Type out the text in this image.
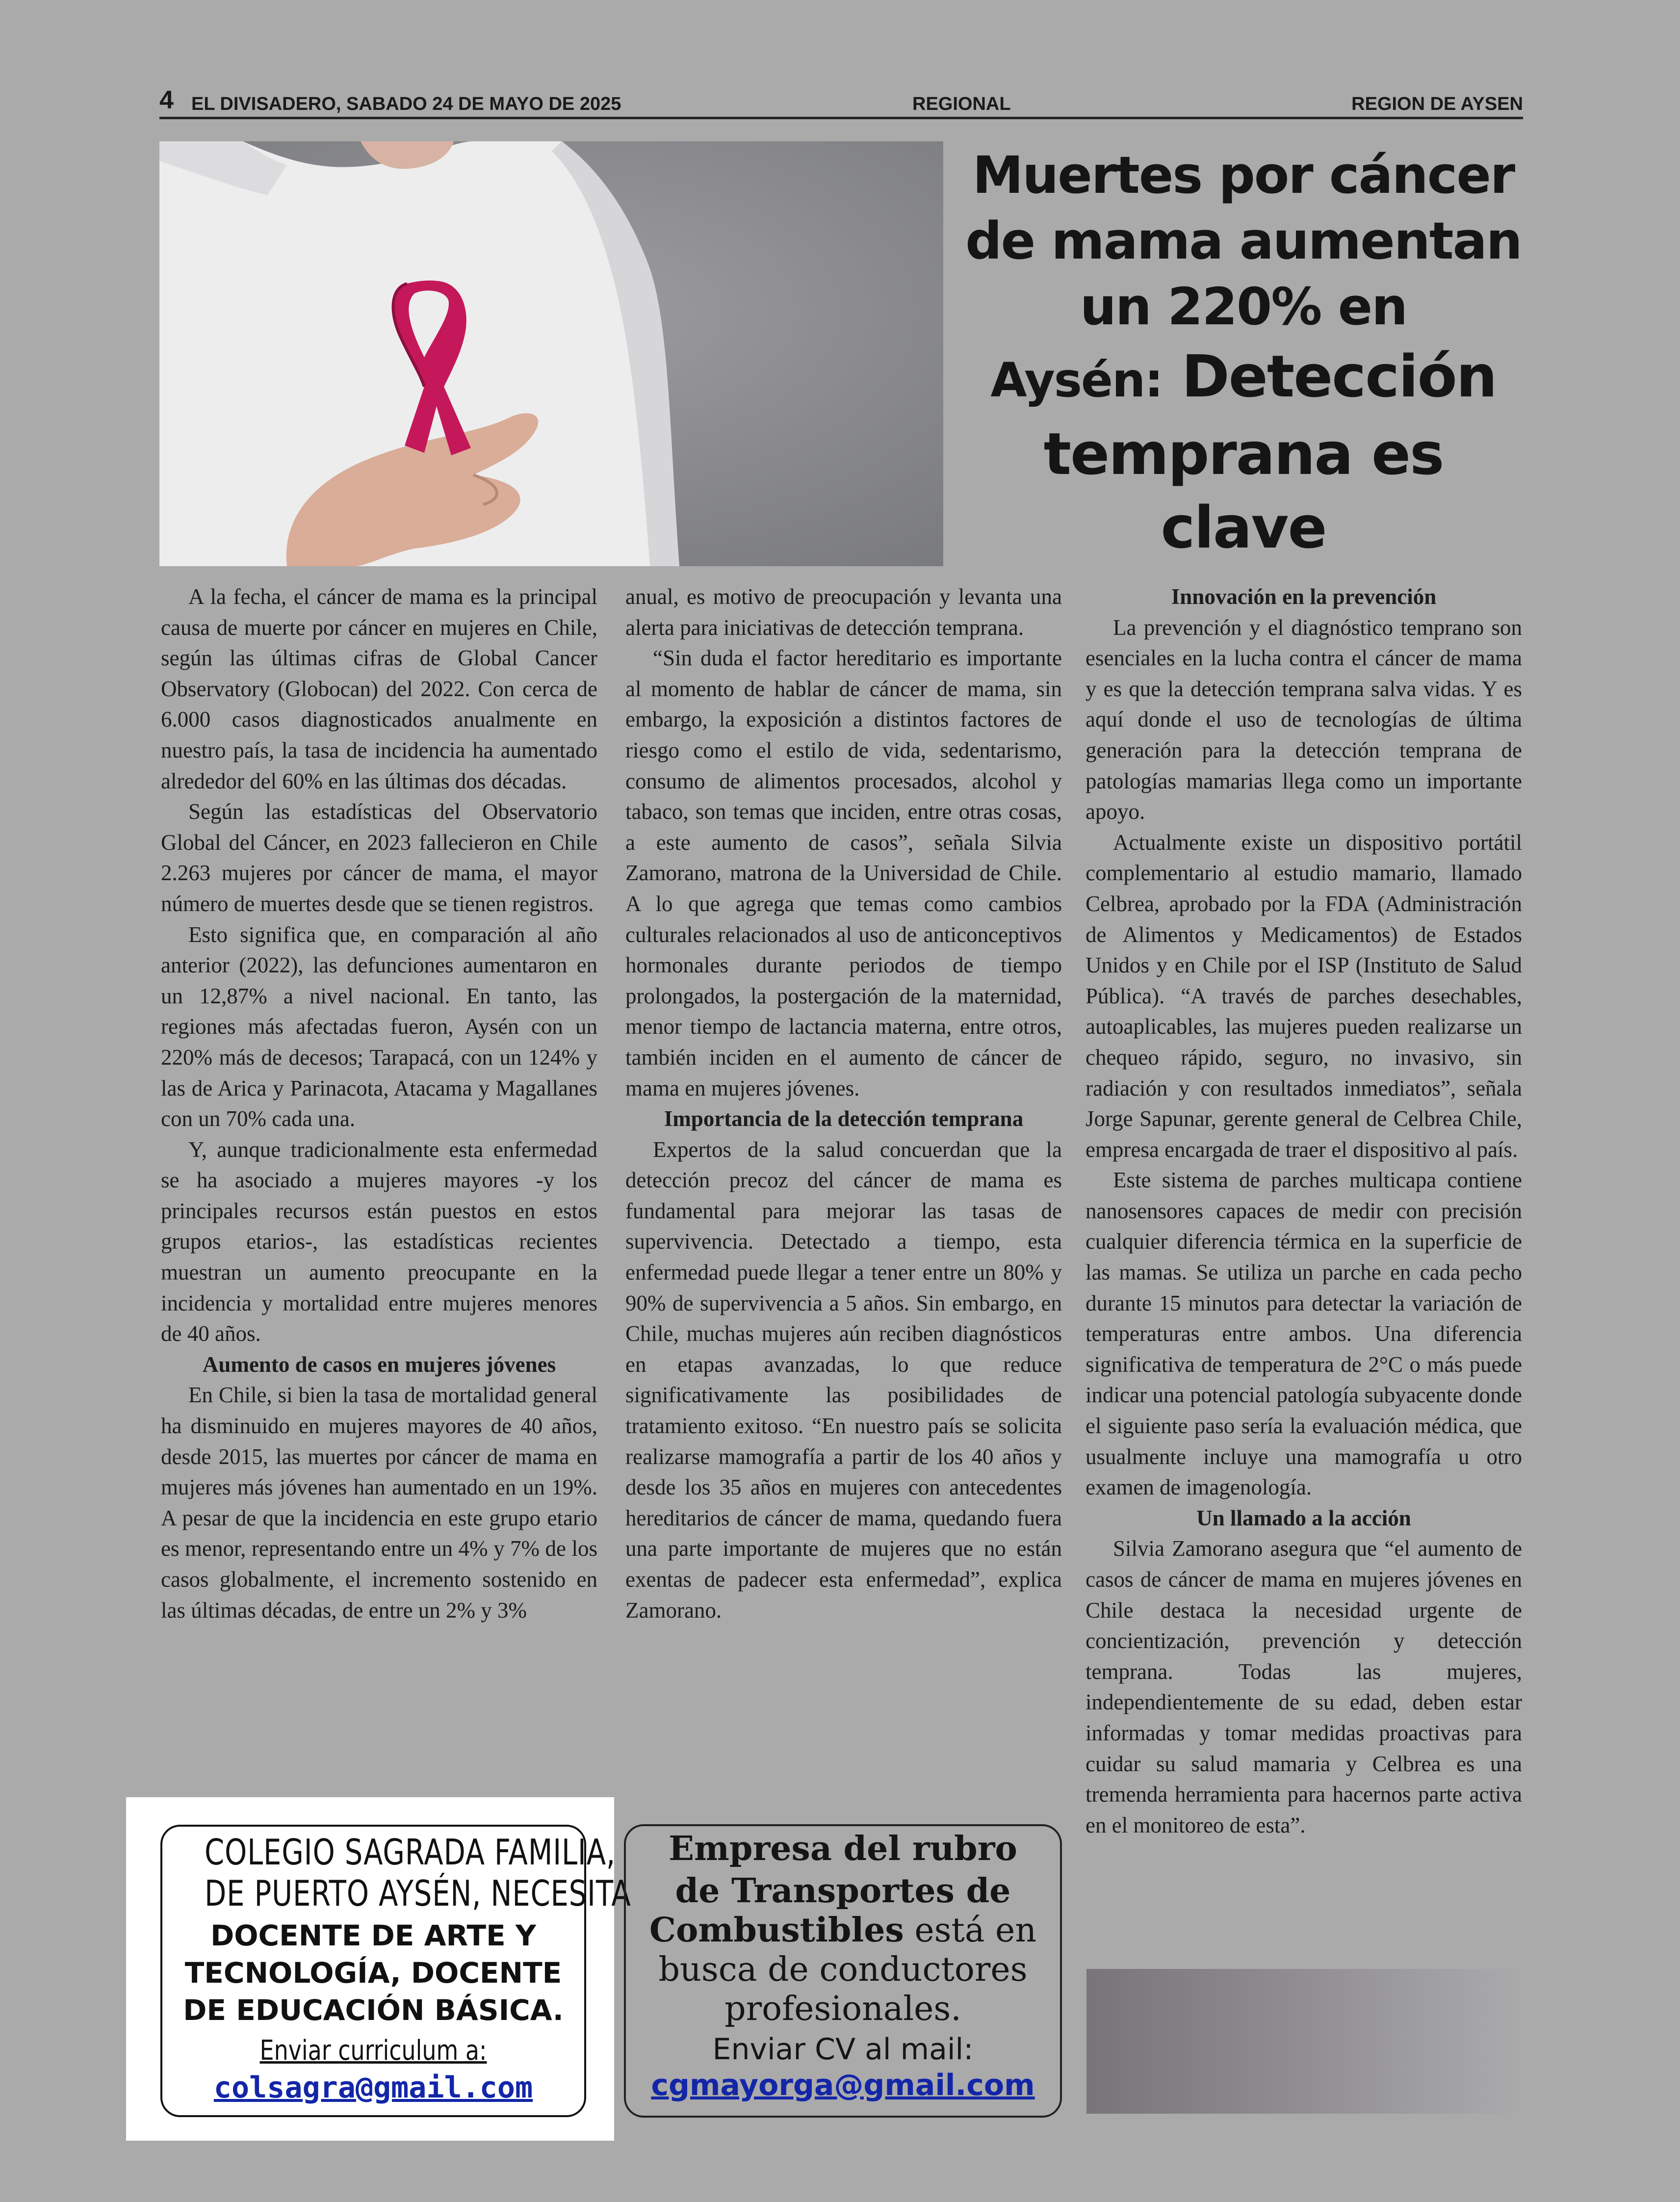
4 EL DIVISADERO, SABADO 24 DE MAYO DE 2025	REGIONAL	REGION DE AYSEN
Muertes por cáncer
de mama aumentan
un 220% en
Aysén: Detección
temprana es clave

A la fecha, el cáncer de mama es la principal causa de muerte por cáncer en mujeres en Chile, según las últimas cifras de Global Cancer Observatory (Globocan) del 2022. Con cerca de 6.000 casos diagnosticados anualmente en nuestro país, la tasa de incidencia ha aumentado alrededor del 60% en las últimas dos décadas.

Según las estadísticas del Observatorio Global del Cáncer, en 2023 fallecieron en Chile 2.263 mujeres por cáncer de mama, el mayor número de muertes desde que se tienen registros.

Esto significa que, en comparación al año anterior (2022), las defunciones aumentaron en un 12,87% a nivel nacional. En tanto, las regiones más afectadas fueron, Aysén con un 220% más de decesos; Tarapacá, con un 124% y las de Arica y Parinacota, Atacama y Magallanes con un 70% cada una.

Y, aunque tradicionalmente esta enfermedad se ha asociado a mujeres mayores -y los principales recursos están puestos en estos grupos etarios-, las estadísticas recientes muestran un aumento preocupante en la incidencia y mortalidad entre mujeres menores de 40 años.

Aumento de casos en mujeres jóvenes

En Chile, si bien la tasa de mortalidad general ha disminuido en mujeres mayores de 40 años, desde 2015, las muertes por cáncer de mama en mujeres más jóvenes han aumentado en un 19%. A pesar de que la incidencia en este grupo etario es menor, representando entre un 4% y 7% de los casos globalmente, el incremento sostenido en las últimas décadas, de entre un 2% y 3%

anual, es motivo de preocupación y levanta una alerta para iniciativas de detección temprana.

“Sin duda el factor hereditario es importante al momento de hablar de cáncer de mama, sin embargo, la exposición a distintos factores de riesgo como el estilo de vida, sedentarismo, consumo de alimentos procesados, alcohol y tabaco, son temas que inciden, entre otras cosas, a este aumento de casos”, señala Silvia Zamorano, matrona de la Universidad de Chile. A lo que agrega que temas como cambios culturales relacionados al uso de anticonceptivos hormonales durante periodos de tiempo prolongados, la postergación de la maternidad, menor tiempo de lactancia materna, entre otros, también inciden en el aumento de cáncer de mama en mujeres jóvenes.

Importancia de la detección temprana

Expertos de la salud concuerdan que la detección precoz del cáncer de mama es fundamental para mejorar las tasas de supervivencia. Detectado a tiempo, esta enfermedad puede llegar a tener entre un 80% y 90% de supervivencia a 5 años. Sin embargo, en Chile, muchas mujeres aún reciben diagnósticos en etapas avanzadas, lo que reduce significativamente las posibilidades de tratamiento exitoso. “En nuestro país se solicita realizarse mamografía a partir de los 40 años y desde los 35 años en mujeres con antecedentes hereditarios de cáncer de mama, quedando fuera una parte importante de mujeres que no están exentas de padecer esta enfermedad”, explica Zamorano.

Innovación en la prevención

La prevención y el diagnóstico temprano son esenciales en la lucha contra el cáncer de mama y es que la detección temprana salva vidas. Y es aquí donde el uso de tecnologías de última generación para la detección temprana de patologías mamarias llega como un importante apoyo.

Actualmente existe un dispositivo portátil complementario al estudio mamario, llamado Celbrea, aprobado por la FDA (Administración de Alimentos y Medicamentos) de Estados Unidos y en Chile por el ISP (Instituto de Salud Pública). “A través de parches desechables, autoaplicables, las mujeres pueden realizarse un chequeo rápido, seguro, no invasivo, sin radiación y con resultados inmediatos”, señala Jorge Sapunar, gerente general de Celbrea Chile, empresa encargada de traer el dispositivo al país.

Este sistema de parches multicapa contiene nanosensores capaces de medir con precisión cualquier diferencia térmica en la superficie de las mamas. Se utiliza un parche en cada pecho durante 15 minutos para detectar la variación de temperaturas entre ambos. Una diferencia significativa de temperatura de 2°C o más puede indicar una potencial patología subyacente donde el siguiente paso sería la evaluación médica, que usualmente incluye una mamografía u otro examen de imagenología.

Un llamado a la acción

Silvia Zamorano asegura que “el aumento de casos de cáncer de mama en mujeres jóvenes en Chile destaca la necesidad urgente de concientización, prevención y detección temprana. Todas las mujeres, independientemente de su edad, deben estar informadas y tomar medidas proactivas para cuidar su salud mamaria y Celbrea es una tremenda herramienta para hacernos parte activa en el monitoreo de esta”.

COLEGIO SAGRADA FAMILIA,
DE PUERTO AYSÉN, NECESITA
DOCENTE DE ARTE Y
TECNOLOGÍA, DOCENTE
DE EDUCACIÓN BÁSICA.
Enviar curriculum a:
colsagra@gmail.com
Empresa del rubro
de Transportes de
Combustibles está en
busca de conductores
profesionales.
Enviar CV al mail:
cgmayorga@gmail.com
